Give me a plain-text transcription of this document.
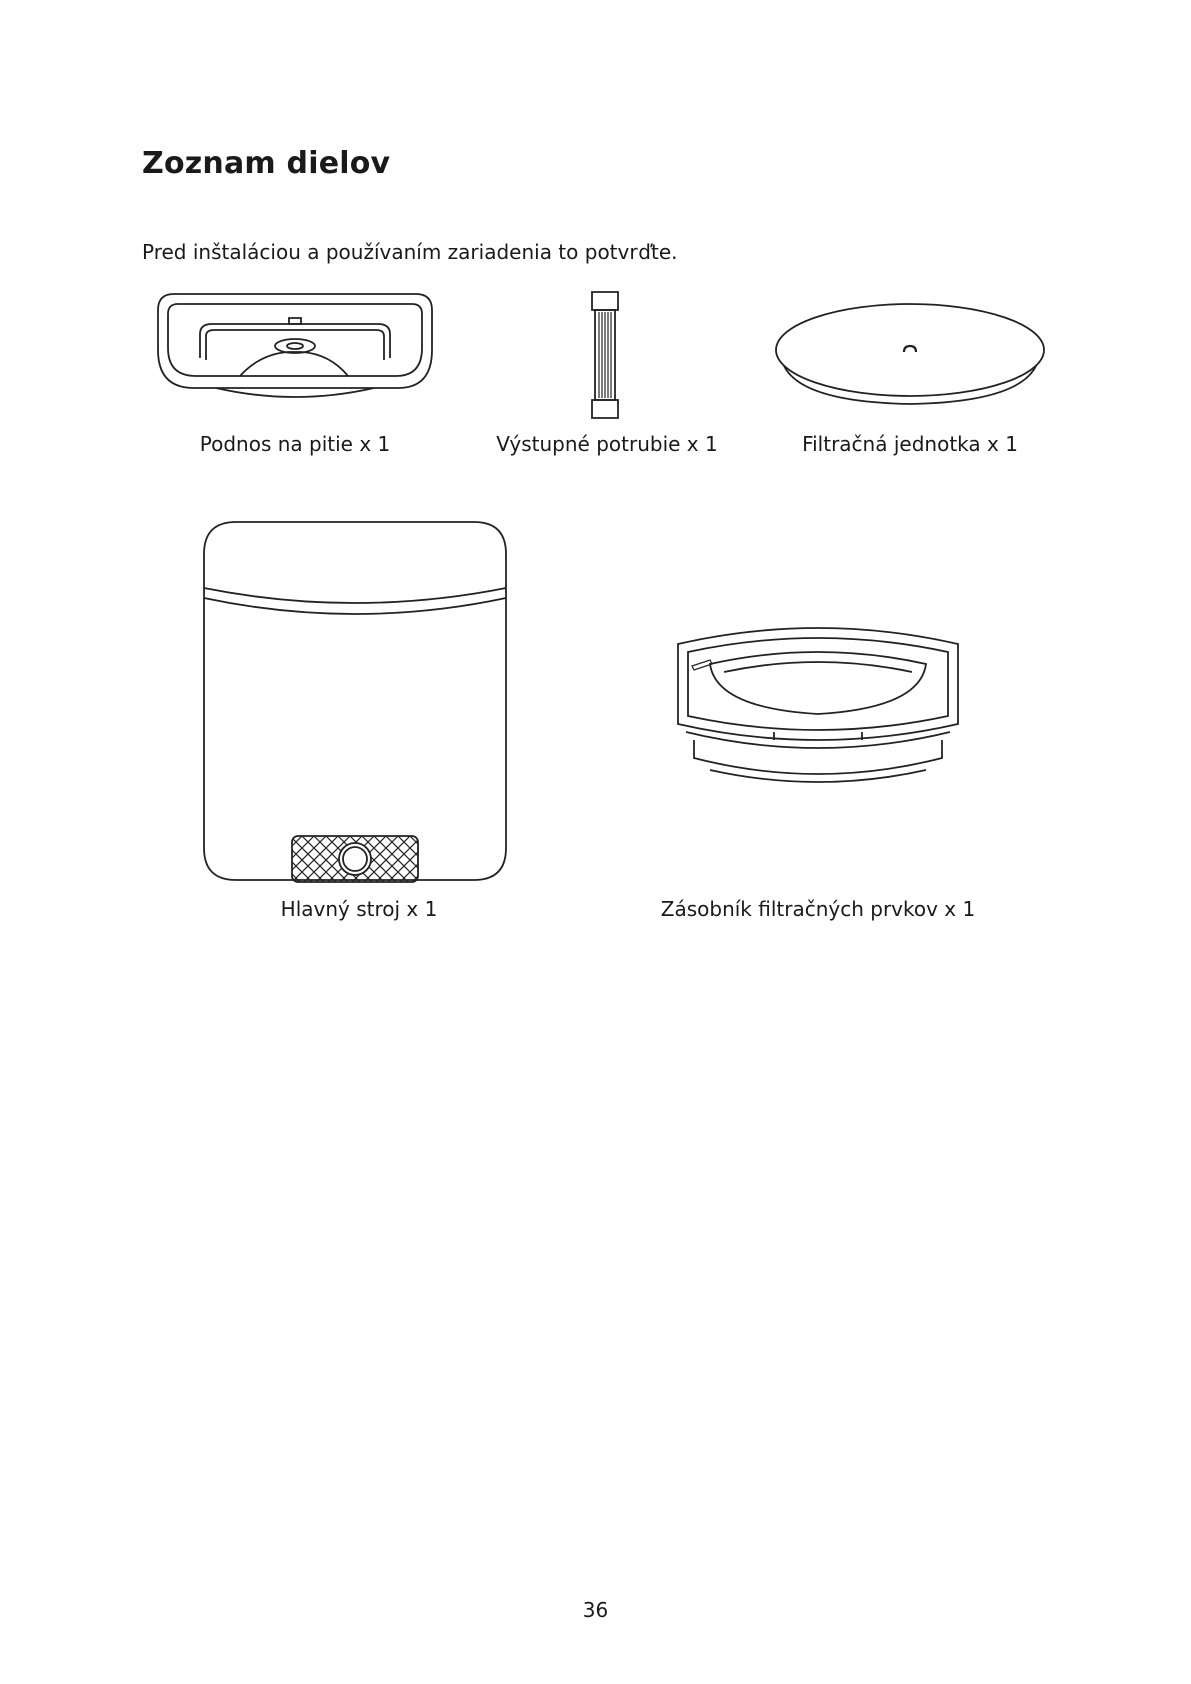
Zoznam dielov

Pred inštaláciou a používaním zariadenia to potvrďte.

Podnos na pitie x 1	Výstupné potrubie x 1	Filtračná jednotka x 1
Hlavný stroj x 1	Zásobník filtračných prvkov x 1
36
